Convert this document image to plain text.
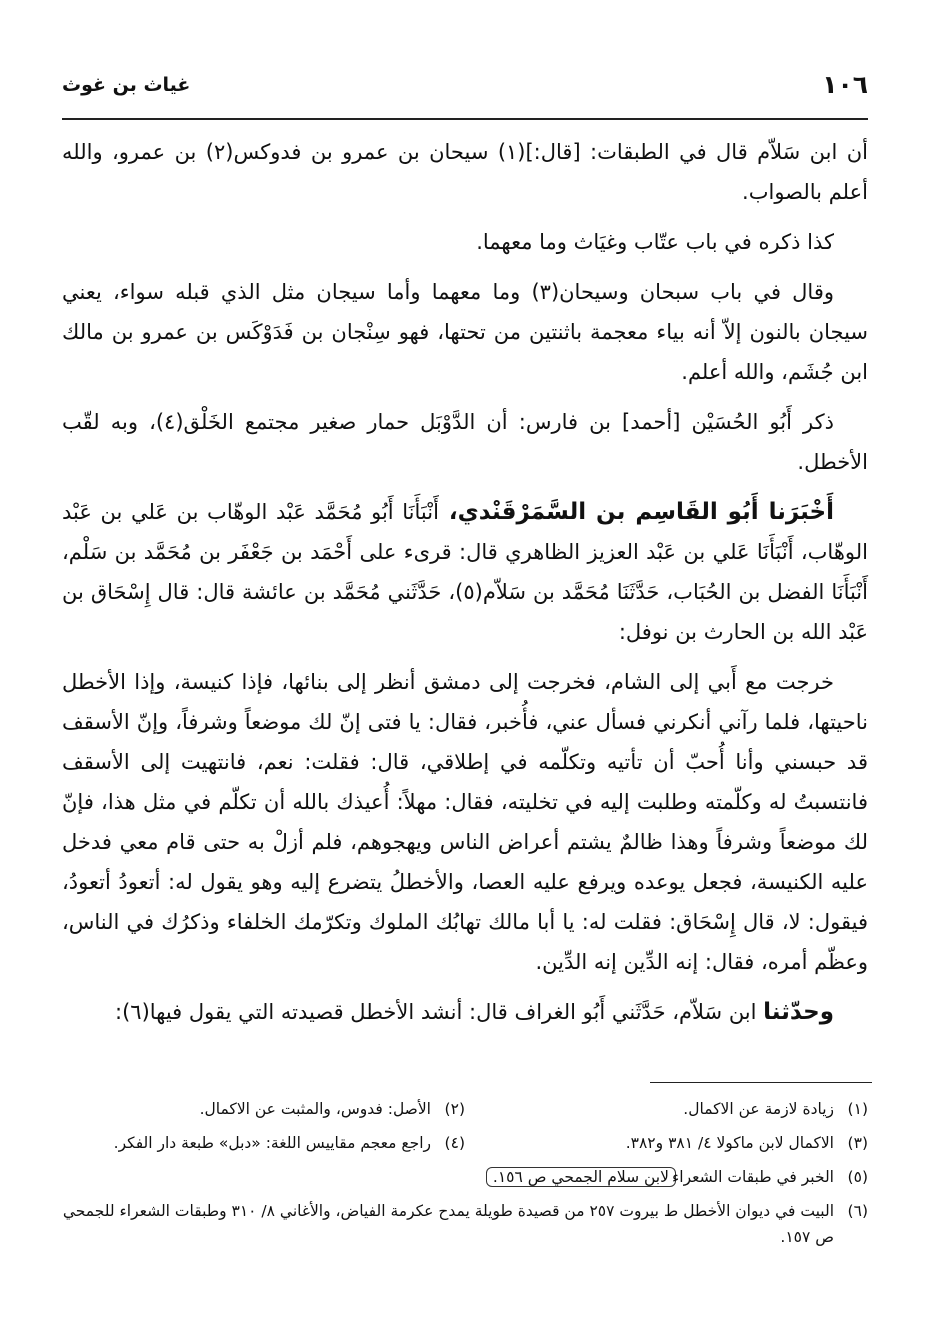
١٠٦
غياث بن غوث

أن ابن سَلاّم قال في الطبقات: [قال:](١) سيحان بن عمرو بن فدوكس(٢) بن عمرو، والله أعلم بالصواب.

كذا ذكره في باب عتّاب وغيَاث وما معهما.

وقال في باب سبحان وسيحان(٣) وما معهما وأما سيجان مثل الذي قبله سواء، يعني سيجان بالنون إلاّ أنه بياء معجمة باثنتين من تحتها، فهو سِنْجان بن فَدَوْكَس بن عمرو بن مالك ابن جُشَم، والله أعلم.

ذكر أَبُو الحُسَيْن [أحمد] بن فارس: أن الدَّوْبَل حمار صغير مجتمع الخَلْق(٤)، وبه لقّب الأخطل.

أَخْبَرَنا أَبُو القَاسِم بن السَّمَرْقَنْدي، أَنْبَأَنَا أَبُو مُحَمَّد عَبْد الوهّاب بن عَلي بن عَبْد الوهّاب، أَنْبَأَنَا عَلي بن عَبْد العزيز الظاهري قال: قرىء على أَحْمَد بن جَعْفَر بن مُحَمَّد بن سَلْم، أَنْبَأَنَا الفضل بن الحُبَاب، حَدَّثَنَا مُحَمَّد بن سَلاّم(٥)، حَدَّثَني مُحَمَّد بن عائشة قال: قال إِسْحَاق بن عَبْد الله بن الحارث بن نوفل:

خرجت مع أَبي إلى الشام، فخرجت إلى دمشق أنظر إلى بنائها، فإذا كنيسة، وإذا الأخطل ناحيتها، فلما رآني أنكرني فسأل عني، فأُخبر، فقال: يا فتى إنّ لك موضعاً وشرفاً، وإنّ الأسقف قد حبسني وأنا أُحبّ أن تأتيه وتكلّمه في إطلاقي، قال: فقلت: نعم، فانتهيت إلى الأسقف فانتسبتُ له وكلّمته وطلبت إليه في تخليته، فقال: مهلاً: أُعيذك بالله أن تكلّم في مثل هذا، فإنّ لك موضعاً وشرفاً وهذا ظالمٌ يشتم أعراض الناس ويهجوهم، فلم أزلْ به حتى قام معي فدخل عليه الكنيسة، فجعل يوعده ويرفع عليه العصا، والأخطلُ يتضرع إليه وهو يقول له: أتعودُ أتعودُ، فيقول: لا، قال إِسْحَاق: فقلت له: يا أبا مالك تهابُك الملوك وتكرّمك الخلفاء وذكرُك في الناس، وعظّم أمره، فقال: إنه الدِّين إنه الدِّين.

وحدّثنا ابن سَلاّم، حَدَّثَني أَبُو الغراف قال: أنشد الأخطل قصيدته التي يقول فيها(٦):

(١)
زيادة لازمة عن الاكمال.
(٢)
الأصل: فدوس، والمثبت عن الاكمال.
(٣)
الاكمال لابن ماكولا ٤/ ٣٨١ و٣٨٢.
(٤)
راجع معجم مقاييس اللغة: «دبل» طبعة دار الفكر.
(٥)
الخبر في طبقات الشعراءلابن سلام الجمحي ص ١٥٦.
(٦)
البيت في ديوان الأخطل ط بيروت ٢٥٧ من قصيدة طويلة يمدح عكرمة الفياض، والأغاني ٨/ ٣١٠ وطبقات الشعراء للجمحي ص ١٥٧.
